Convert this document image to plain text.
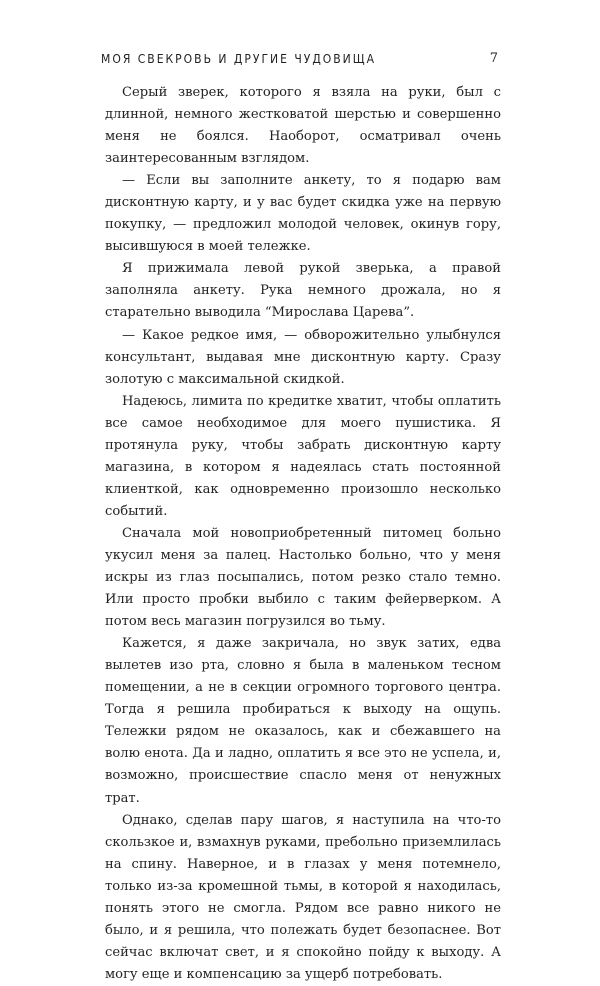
МОЯ СВЕКРОВЬ И ДРУГИЕ ЧУДОВИЩА	7

Серый зверек, которого я взяла на руки, был с длинной, немного жестковатой шерстью и совершенно меня не боялся. Наоборот, осматривал очень заинтересованным взглядом.

— Если вы заполните анкету, то я подарю вам дисконтную карту, и у вас будет скидка уже на первую покупку, — предложил молодой человек, окинув гору, высившуюся в моей тележке.

Я прижимала левой рукой зверька, а правой заполняла анкету. Рука немного дрожала, но я старательно выводила “Мирослава Царева”.

— Какое редкое имя, — обворожительно улыбнулся консультант, выдавая мне дисконтную карту. Сразу золотую с максимальной скидкой.

Надеюсь, лимита по кредитке хватит, чтобы оплатить все самое необходимое для моего пушистика. Я протянула руку, чтобы забрать дисконтную карту магазина, в котором я надеялась стать постоянной клиенткой, как одновременно произошло несколько событий.

Сначала мой новоприобретенный питомец больно укусил меня за палец. Настолько больно, что у меня искры из глаз посыпались, потом резко стало темно. Или просто пробки выбило с таким фейерверком. А потом весь магазин погрузился во тьму.

Кажется, я даже закричала, но звук затих, едва вылетев изо рта, словно я была в маленьком тесном помещении, а не в секции огромного торгового центра. Тогда я решила пробираться к выходу на ощупь. Тележки рядом не оказалось, как и сбежавшего на волю енота. Да и ладно, оплатить я все это не успела, и, возможно, происшествие спасло меня от ненужных трат.

Однако, сделав пару шагов, я наступила на что-то скользкое и, взмахнув руками, пребольно приземлилась на спину. Наверное, и в глазах у меня потемнело, только из-за кромешной тьмы, в которой я находилась, понять этого не смогла. Рядом все равно никого не было, и я решила, что полежать будет безопаснее. Вот сейчас включат свет, и я спокойно пойду к выходу. А могу еще и компенсацию за ущерб потребовать.
